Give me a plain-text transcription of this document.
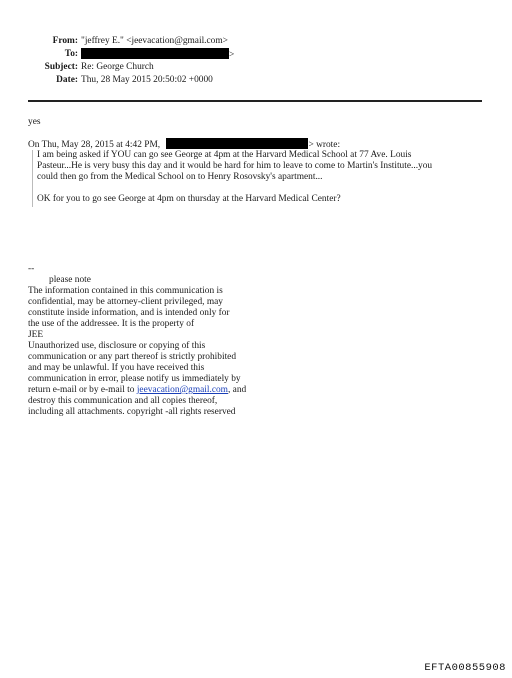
From: "jeffrey E." <jeevacation@gmail.com>
To:	>
Subject: Re: George Church
Date: Thu, 28 May 2015 20:50:02 +0000
yes
On Thu, May 28, 2015 at 4:42 PM,	> wrote:
I am being asked if YOU can go see George at 4pm at the Harvard Medical School at 77 Ave. Louis
Pasteur...He is very busy this day and it would be hard for him to leave to come to Martin's Institute...you
could then go from the Medical School on to Henry Rosovsky's apartment...
OK for you to go see George at 4pm on thursday at the Harvard Medical Center?
--
please note
The information contained in this communication is
confidential, may be attorney-client privileged, may
constitute inside information, and is intended only for
the use of the addressee. It is the property of
JEE
Unauthorized use, disclosure or copying of this
communication or any part thereof is strictly prohibited
and may be unlawful. If you have received this
communication in error, please notify us immediately by
return e-mail or by e-mail to jeevacation@gmail.com, and
destroy this communication and all copies thereof,
including all attachments. copyright -all rights reserved
EFTA00855908
